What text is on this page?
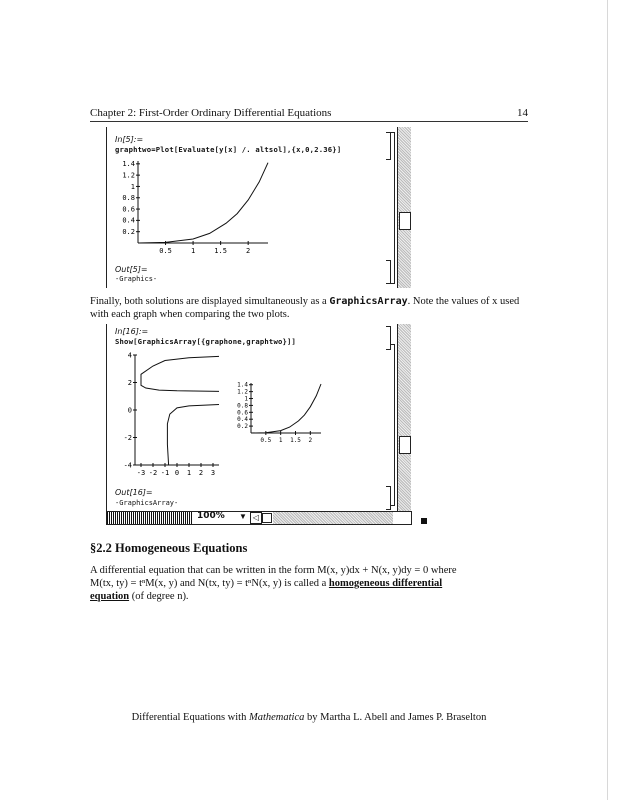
Chapter 2: First-Order Ordinary Differential Equations	14
In[5]:=
graphtwo=Plot[Evaluate[y[x] /. altsol],{x,0,2.36}]
0.5	1	1.5	2
0.2
0.4
0.6
0.8
1
1.2
1.4
Out[5]=
-Graphics-
Finally, both solutions are displayed simultaneously as a GraphicsArray. Note the values of x used with each graph when comparing the two plots.
In[16]:=
Show[GraphicsArray[{graphone,graphtwo}]]
-3 -2 -1 0 1 2 3
-4
-2
0
2
4
0.5 1 1.5 2
0.2
0.4
0.6
0.8
1
1.2
1.4
Out[16]=
-GraphicsArray-
100% ▼ ◁
§2.2 Homogeneous Equations
A differential equation that can be written in the form M(x, y)dx + N(x, y)dy = 0 where
M(tx, ty) = tⁿM(x, y) and N(tx, ty) = tⁿN(x, y) is called a homogeneous differential
equation (of degree n).
Differential Equations with Mathematica by Martha L. Abell and James P. Braselton
